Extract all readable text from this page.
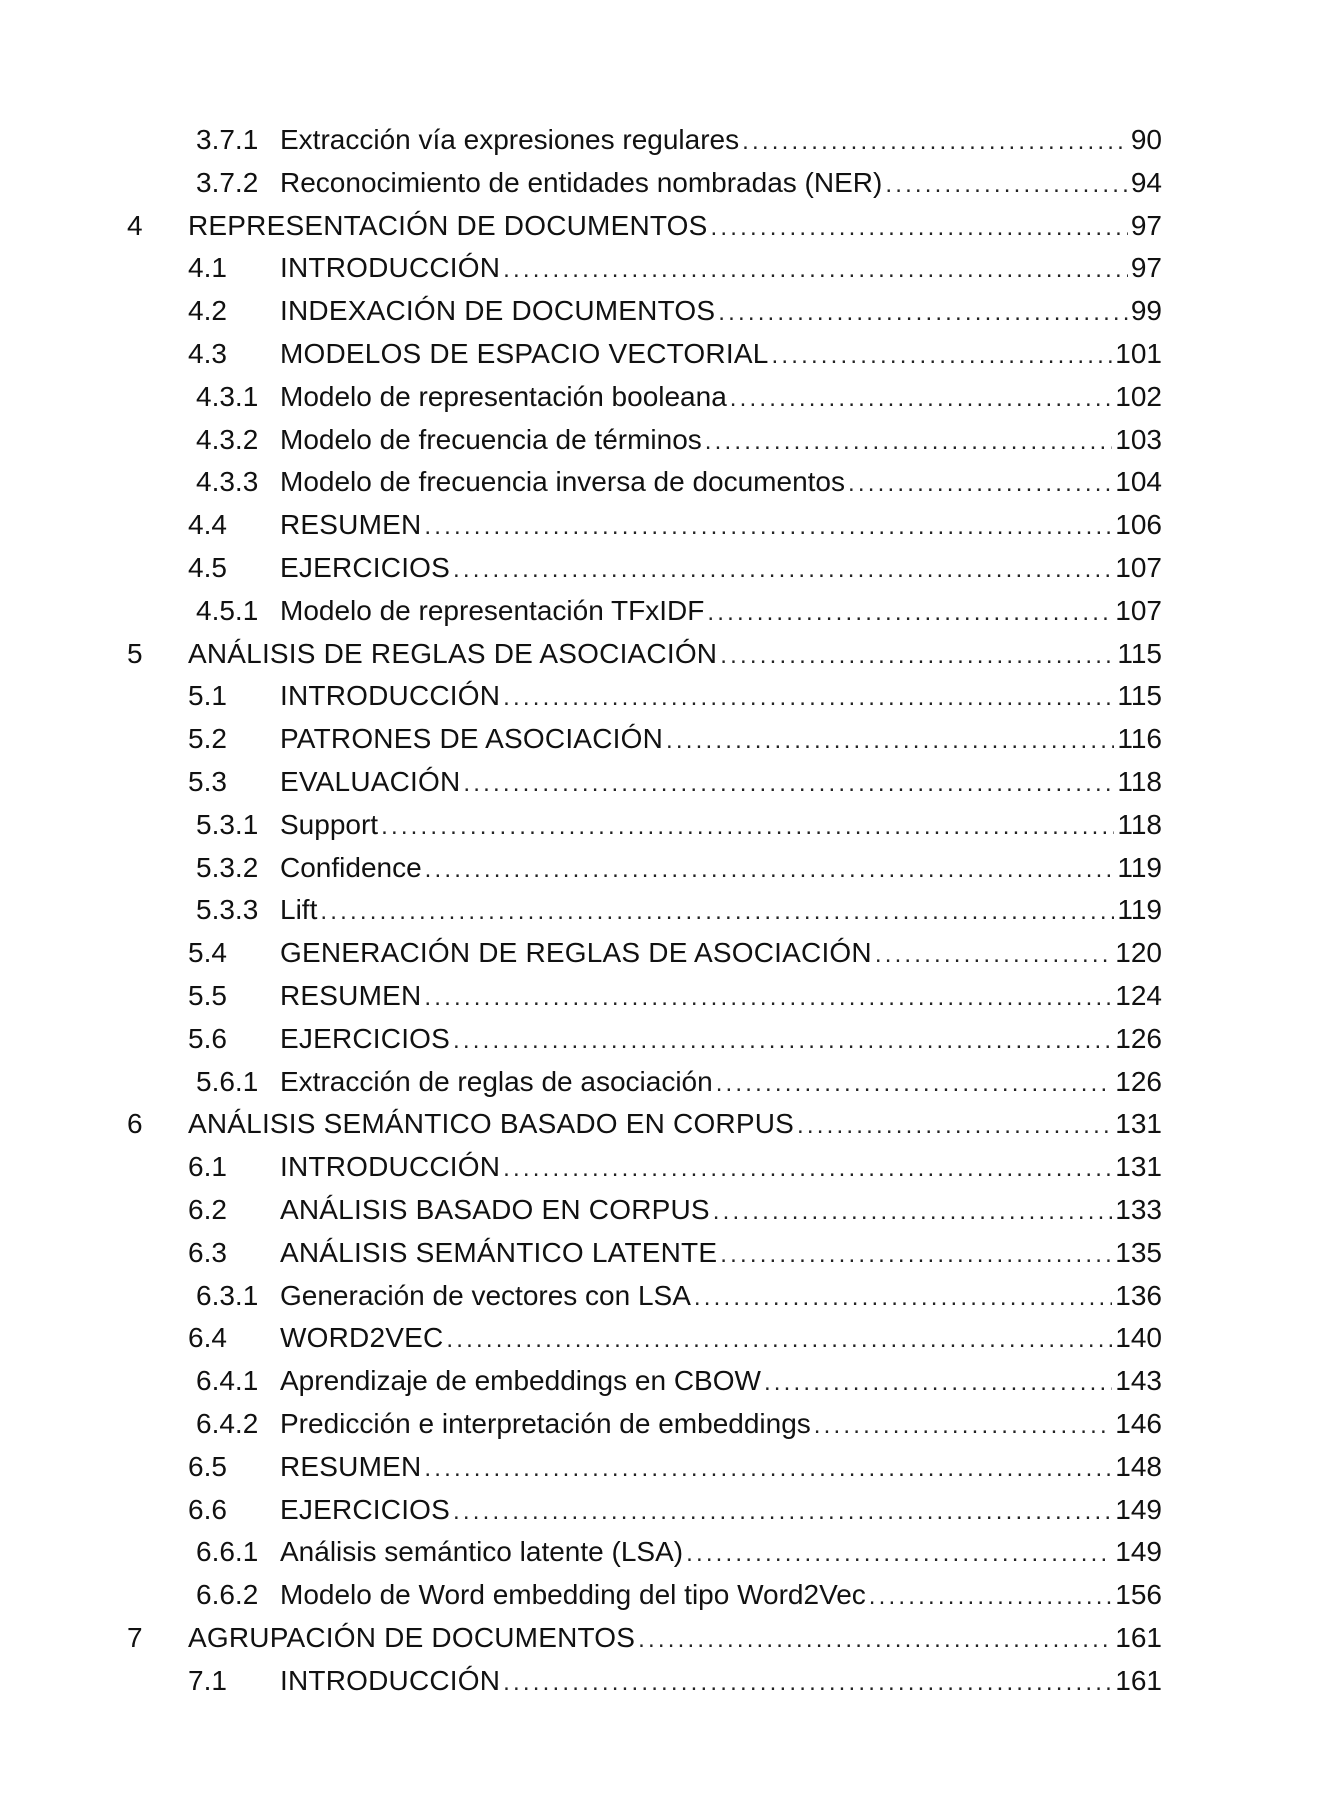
3.7.1 Extracción vía expresiones regulares .....	90
3.7.2 Reconocimiento de entidades nombradas (NER) .....	94
4 REPRESENTACIÓN DE DOCUMENTOS .....	97
4.1 INTRODUCCIÓN .....	97
4.2 INDEXACIÓN DE DOCUMENTOS .....	99
4.3 MODELOS DE ESPACIO VECTORIAL .....	101
4.3.1 Modelo de representación booleana .....	102
4.3.2 Modelo de frecuencia de términos .....	103
4.3.3 Modelo de frecuencia inversa de documentos .....	104
4.4 RESUMEN .....	106
4.5 EJERCICIOS .....	107
4.5.1 Modelo de representación TFxIDF .....	107
5 ANÁLISIS DE REGLAS DE ASOCIACIÓN .....	115
5.1 INTRODUCCIÓN .....	115
5.2 PATRONES DE ASOCIACIÓN .....	116
5.3 EVALUACIÓN .....	118
5.3.1 Support .....	118
5.3.2 Confidence .....	119
5.3.3 Lift .....	119
5.4 GENERACIÓN DE REGLAS DE ASOCIACIÓN .....	120
5.5 RESUMEN .....	124
5.6 EJERCICIOS .....	126
5.6.1 Extracción de reglas de asociación .....	126
6 ANÁLISIS SEMÁNTICO BASADO EN CORPUS .....	131
6.1 INTRODUCCIÓN .....	131
6.2 ANÁLISIS BASADO EN CORPUS .....	133
6.3 ANÁLISIS SEMÁNTICO LATENTE .....	135
6.3.1 Generación de vectores con LSA .....	136
6.4 WORD2VEC .....	140
6.4.1 Aprendizaje de embeddings en CBOW .....	143
6.4.2 Predicción e interpretación de embeddings .....	146
6.5 RESUMEN .....	148
6.6 EJERCICIOS .....	149
6.6.1 Análisis semántico latente (LSA) .....	149
6.6.2 Modelo de Word embedding del tipo Word2Vec .....	156
7 AGRUPACIÓN DE DOCUMENTOS .....	161
7.1 INTRODUCCIÓN .....	161
